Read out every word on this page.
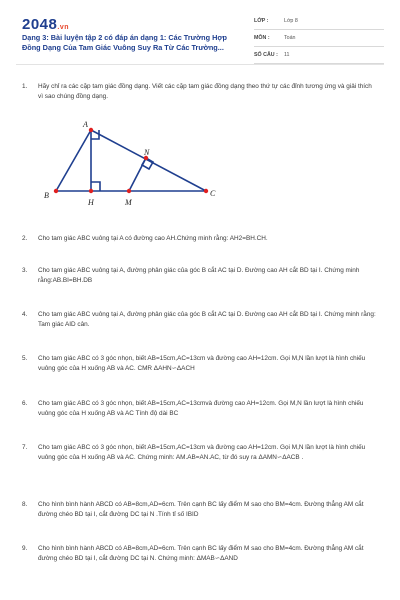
2048.vn
Dạng 3: Bài luyện tập 2 có đáp án dạng 1: Các Trường Hợp Đồng Dạng Của Tam Giác Vuông Suy Ra Từ Các Trường...
LỚP :	Lớp 8
MÔN :	Toán
SỐ CÂU : 11
1. Hãy chỉ ra các cặp tam giác đồng dạng. Viết các cặp tam giác đồng dạng theo thứ tự các đỉnh tương ứng và giải thích vì sao chúng đồng dạng.
A
B	C
H	M
N
2. Cho tam giác ABC vuông tại A có đường cao AH.Chứng minh rằng: AH2=BH.CH.
3. Cho tam giác ABC vuông tại A, đường phân giác của góc B cắt AC tại D. Đường cao AH cắt BD tại I. Chứng minh rằng:AB.BI=BH.DB
4. Cho tam giác ABC vuông tại A, đường phân giác của góc B cắt AC tại D. Đường cao AH cắt BD tại I. Chứng minh rằng: Tam giác AID cân.
5. Cho tam giác ABC có 3 góc nhọn, biết AB=15cm,AC=13cm và đường cao AH=12cm. Gọi M,N lần lượt là hình chiếu vuông góc của H xuống AB và AC. CMR ΔAHN∽ΔACH
6. Cho tam giác ABC có 3 góc nhọn, biết AB=15cm,AC=13cmvà đường cao AH=12cm. Gọi M,N lần lượt là hình chiếu vuông góc của H xuống AB và AC Tính độ dài BC
7. Cho tam giác ABC có 3 góc nhọn, biết AB=15cm,AC=13cm và đường cao AH=12cm. Gọi M,N lần lượt là hình chiếu vuông góc của H xuống AB và AC. Chứng minh: AM.AB=AN.AC, từ đó suy ra ΔAMN∽ΔACB .
8. Cho hình bình hành ABCD có AB=8cm,AD=6cm. Trên cạnh BC lấy điểm M sao cho BM=4cm. Đường thẳng AM cắt đường chéo BD tại I, cắt đường DC tại N .Tính tỉ số IBID
9. Cho hình bình hành ABCD có AB=8cm,AD=6cm. Trên cạnh BC lấy điểm M sao cho BM=4cm. Đường thẳng AM cắt đường chéo BD tại I, cắt đường DC tại N. Chứng minh: ΔMAB∽ΔAND
